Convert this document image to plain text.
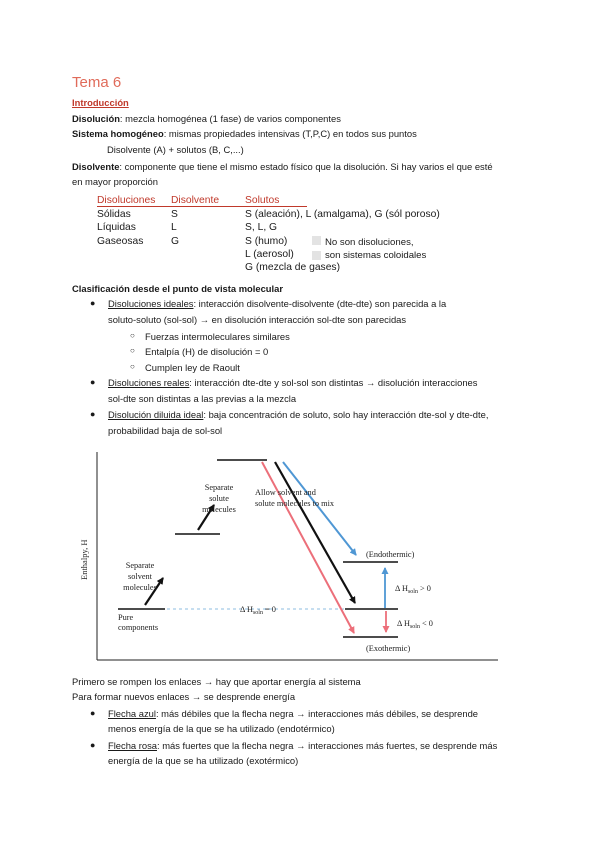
Tema 6
Introducción
Disolución: mezcla homogénea (1 fase) de varios componentes
Sistema homogéneo: mismas propiedades intensivas (T,P,C) en todos sus puntos
Disolvente (A) + solutos (B, C,...)
Disolvente: componente que tiene el mismo estado físico que la disolución. Si hay varios el que esté
en mayor proporción
Disoluciones Disolvente	Solutos
Sólidas	S	S (aleación), L (amalgama), G (sól poroso)
Líquidas	L	S, L, G
Gaseosas	G	S (humo)
L (aerosol)
G (mezcla de gases)
No son disoluciones,
son sistemas coloidales
Clasificación desde el punto de vista molecular
● Disoluciones ideales: interacción disolvente-disolvente (dte-dte) son parecida a la
soluto-soluto (sol-sol) → en disolución interacción sol-dte son parecidas
○ Fuerzas intermoleculares similares
○ Entalpía (H) de disolución = 0
○ Cumplen ley de Raoult
● Disoluciones reales: interacción dte-dte y sol-sol son distintas → disolución interacciones
sol-dte son distintas a las previas a la mezcla
● Disolución diluida ideal: baja concentración de soluto, solo hay interacción dte-sol y dte-dte,
probabilidad baja de sol-sol
Enthalpy, H
Pure
components
Separate
solvent
molecules
Separate
solute
molecules
Allow solvent and
solute molecules to mix
(Endothermic)
(Exothermic)
Δ $H_{soln} = 0$
Δ $H_{soln} > 0$
Δ $H_{soln} < 0$
Primero se rompen los enlaces → hay que aportar energía al sistema
Para formar nuevos enlaces → se desprende energía
● Flecha azul: más débiles que la flecha negra → interacciones más débiles, se desprende
menos energía de la que se ha utilizado (endotérmico)
● Flecha rosa: más fuertes que la flecha negra → interacciones más fuertes, se desprende más
energía de la que se ha utilizado (exotérmico)
